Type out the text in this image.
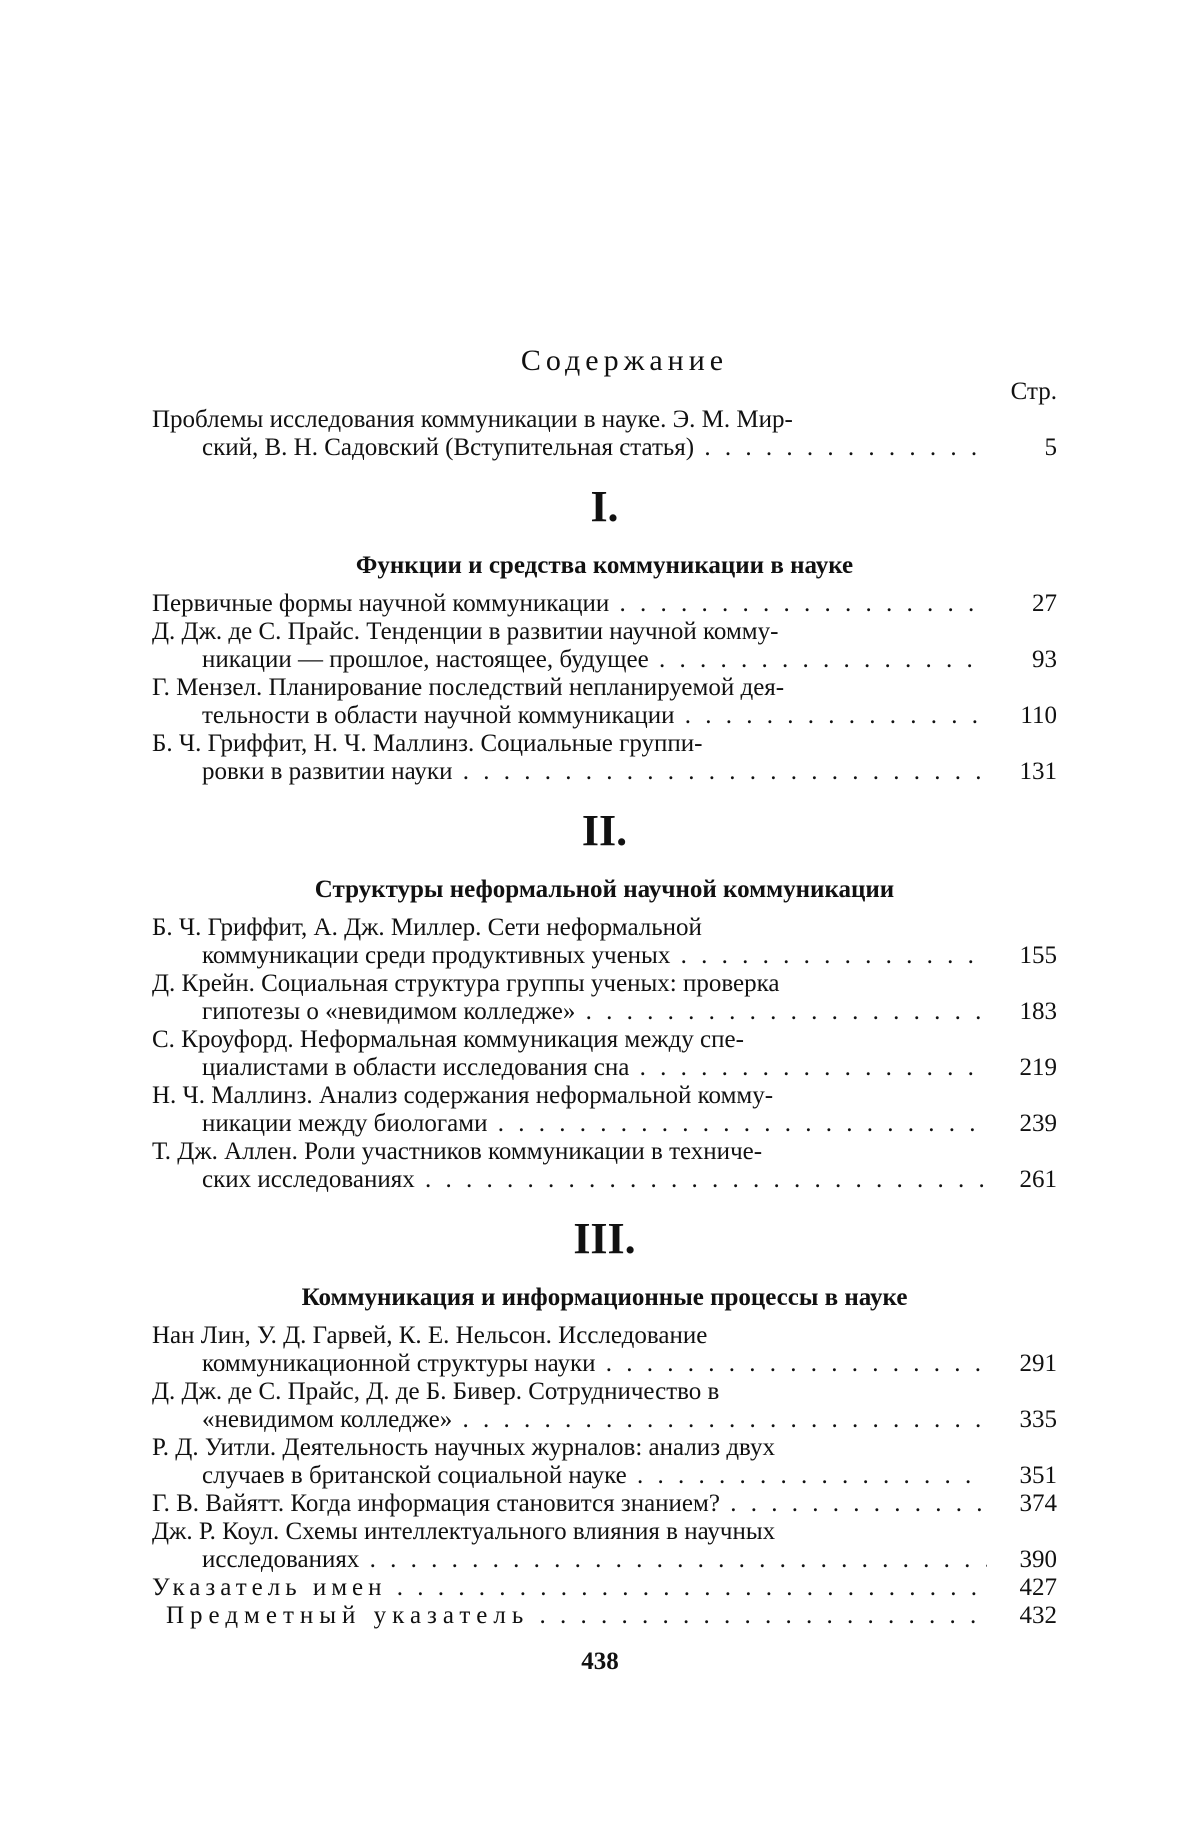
Содержание
Стр.
Проблемы исследования коммуникации в науке. Э. М. Мир-
ский, В. Н. Садовский (Вступительная статья) . . .	5
I.
Функции и средства коммуникации в науке
Первичные формы научной коммуникации . . .	27
Д. Дж. де С. Прайс. Тенденции в развитии научной комму-
никации — прошлое, настоящее, будущее . . .	93
Г. Мензел. Планирование последствий непланируемой дея-
тельности в области научной коммуникации . . .	110
Б. Ч. Гриффит, Н. Ч. Маллинз. Социальные группи-
ровки в развитии науки . . .	131
II.
Структуры неформальной научной коммуникации
Б. Ч. Гриффит, А. Дж. Миллер. Сети неформальной
коммуникации среди продуктивных ученых . . .	155
Д. Крейн. Социальная структура группы ученых: проверка
гипотезы о «невидимом колледже» . . .	183
С. Кроуфорд. Неформальная коммуникация между спе-
циалистами в области исследования сна . . .	219
Н. Ч. Маллинз. Анализ содержания неформальной комму-
никации между биологами . . .	239
Т. Дж. Аллен. Роли участников коммуникации в техниче-
ских исследованиях . . .	261
III.
Коммуникация и информационные процессы в науке
Нан Лин, У. Д. Гарвей, К. Е. Нельсон. Исследование
коммуникационной структуры науки . . .	291
Д. Дж. де С. Прайс, Д. де Б. Бивер. Сотрудничество в
«невидимом колледже» . . .	335
Р. Д. Уитли. Деятельность научных журналов: анализ двух
случаев в британской социальной науке . . .	351
Г. В. Вайятт. Когда информация становится знанием? . . .	374
Дж. Р. Коул. Схемы интеллектуального влияния в научных
исследованиях . . .	390
Указатель имен . . .	427
Предметный указатель . . .	432
438
